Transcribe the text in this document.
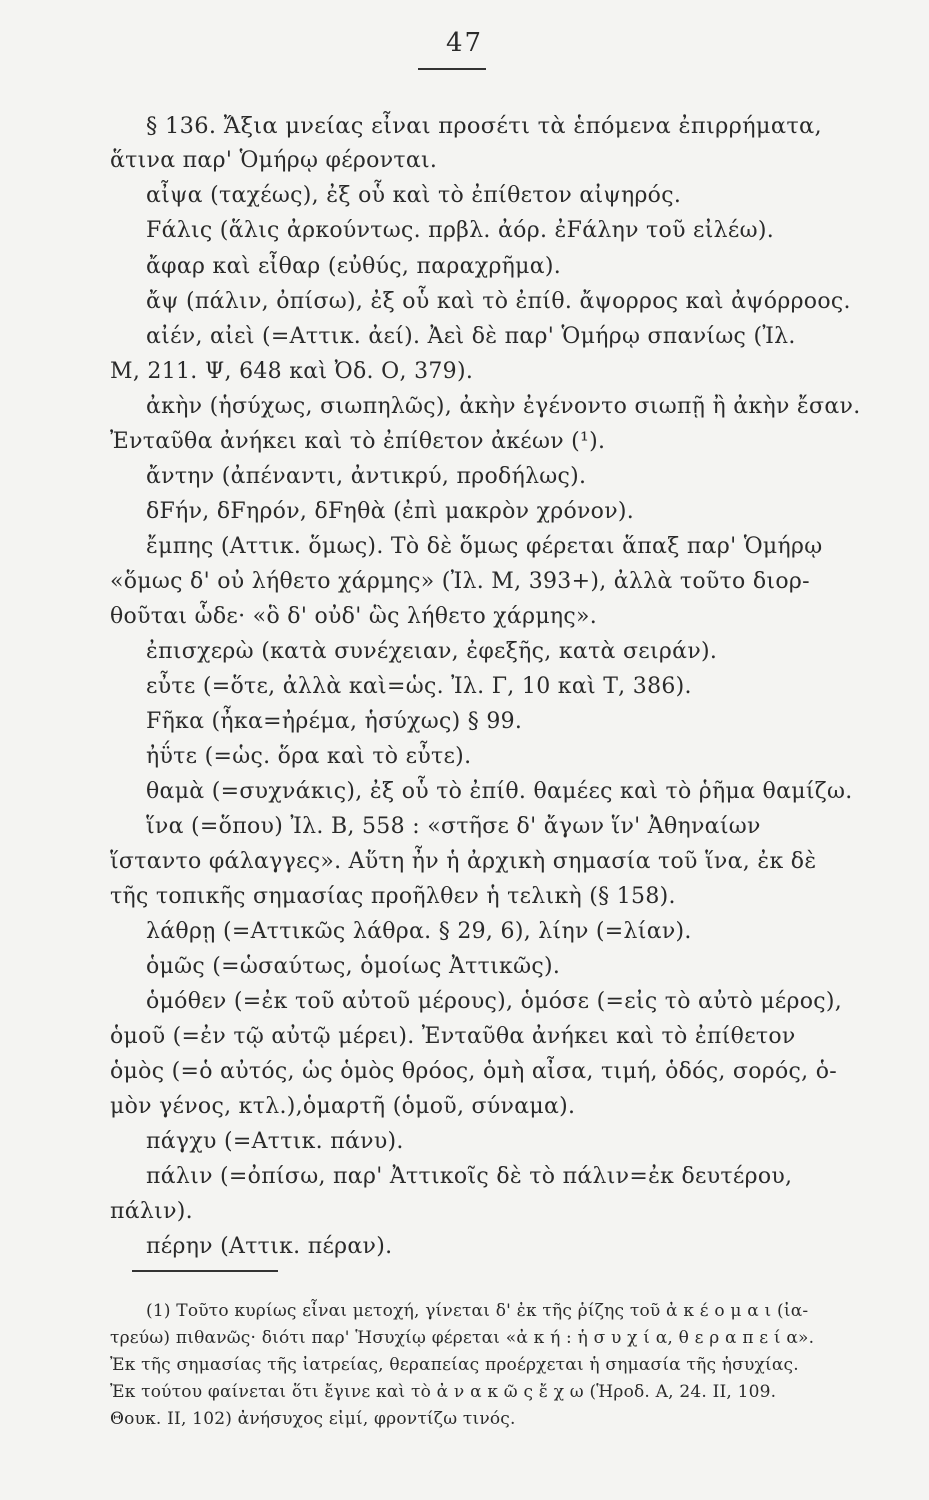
47
§ 136. Ἄξια μνείας εἶναι προσέτι τὰ ἑπόμενα ἐπιρρήματα,
ἅτινα παρ' Ὁμήρῳ φέρονται.
αἶψα (ταχέως), ἐξ οὗ καὶ τὸ ἐπίθετον αἰψηρός.
Fάλις (ἅλις ἀρκούντως. πρβλ. ἀόρ. ἐFάλην τοῦ εἰλέω).
ἄφαρ καὶ εἶθαρ (εὐθύς, παραχρῆμα).
ἄψ (πάλιν, ὀπίσω), ἐξ οὗ καὶ τὸ ἐπίθ. ἄψορρος καὶ ἀψόρροος.
αἰέν, αἰεὶ (=Αττικ. ἀεί). Ἀεὶ δὲ παρ' Ὁμήρῳ σπανίως (Ἰλ.
Μ, 211. Ψ, 648 καὶ Ὀδ. Ο, 379).
ἀκὴν (ἡσύχως, σιωπηλῶς), ἀκὴν ἐγένοντο σιωπῇ ἢ ἀκὴν ἔσαν.
Ἐνταῦθα ἀνήκει καὶ τὸ ἐπίθετον ἀκέων (¹).
ἄντην (ἀπέναντι, ἀντικρύ, προδήλως).
δFήν, δFηρόν, δFηθὰ (ἐπὶ μακρὸν χρόνον).
ἔμπης (Αττικ. ὅμως). Τὸ δὲ ὅμως φέρεται ἅπαξ παρ' Ὁμήρῳ
«ὅμως δ' οὐ λήθετο χάρμης» (Ἰλ. Μ, 393+), ἀλλὰ τοῦτο διορ-
θοῦται ὧδε· «ὃ δ' οὐδ' ὣς λήθετο χάρμης».
ἐπισχερὼ (κατὰ συνέχειαν, ἐφεξῆς, κατὰ σειράν).
εὖτε (=ὅτε, ἀλλὰ καὶ=ὡς. Ἰλ. Γ, 10 καὶ Τ, 386).
Fῆκα (ἦκα=ἠρέμα, ἡσύχως) § 99.
ἠΰτε (=ὡς. ὅρα καὶ τὸ εὖτε).
θαμὰ (=συχνάκις), ἐξ οὗ τὸ ἐπίθ. θαμέες καὶ τὸ ῥῆμα θαμίζω.
ἵνα (=ὅπου) Ἰλ. Β, 558 : «στῆσε δ' ἄγων ἵν' Ἀθηναίων
ἵσταντο φάλαγγες». Αὕτη ἦν ἡ ἀρχικὴ σημασία τοῦ ἵνα, ἐκ δὲ
τῆς τοπικῆς σημασίας προῆλθεν ἡ τελικὴ (§ 158).
λάθρῃ (=Αττικῶς λάθρα. § 29, 6), λίην (=λίαν).
ὁμῶς (=ὡσαύτως, ὁμοίως Ἀττικῶς).
ὁμόθεν (=ἐκ τοῦ αὐτοῦ μέρους), ὁμόσε (=εἰς τὸ αὐτὸ μέρος),
ὁμοῦ (=ἐν τῷ αὐτῷ μέρει). Ἐνταῦθα ἀνήκει καὶ τὸ ἐπίθετον
ὁμὸς (=ὁ αὐτός, ὡς ὁμὸς θρόος, ὁμὴ αἶσα, τιμή, ὁδός, σορός, ὁ-
μὸν γένος, κτλ.),ὁμαρτῆ (ὁμοῦ, σύναμα).
πάγχυ (=Αττικ. πάνυ).
πάλιν (=ὀπίσω, παρ' Ἀττικοῖς δὲ τὸ πάλιν=ἐκ δευτέρου,
πάλιν).
πέρην (Αττικ. πέραν).
(1) Τοῦτο κυρίως εἶναι μετοχή, γίνεται δ' ἐκ τῆς ῥίζης τοῦ ἀ κ έ ο μ α ι (ἰα-
τρεύω) πιθανῶς· διότι παρ' Ἡσυχίῳ φέρεται «ἀ κ ή : ἡ σ υ χ ί α, θ ε ρ α π ε ί α».
Ἐκ τῆς σημασίας τῆς ἰατρείας, θεραπείας προέρχεται ἡ σημασία τῆς ἡσυχίας.
Ἐκ τούτου φαίνεται ὅτι ἔγινε καὶ τὸ ἀ ν α κ ῶ ς ἔ χ ω (Ἡροδ. Α, 24. ΙΙ, 109.
Θουκ. ΙΙ, 102) ἀνήσυχος εἰμί, φροντίζω τινός.
